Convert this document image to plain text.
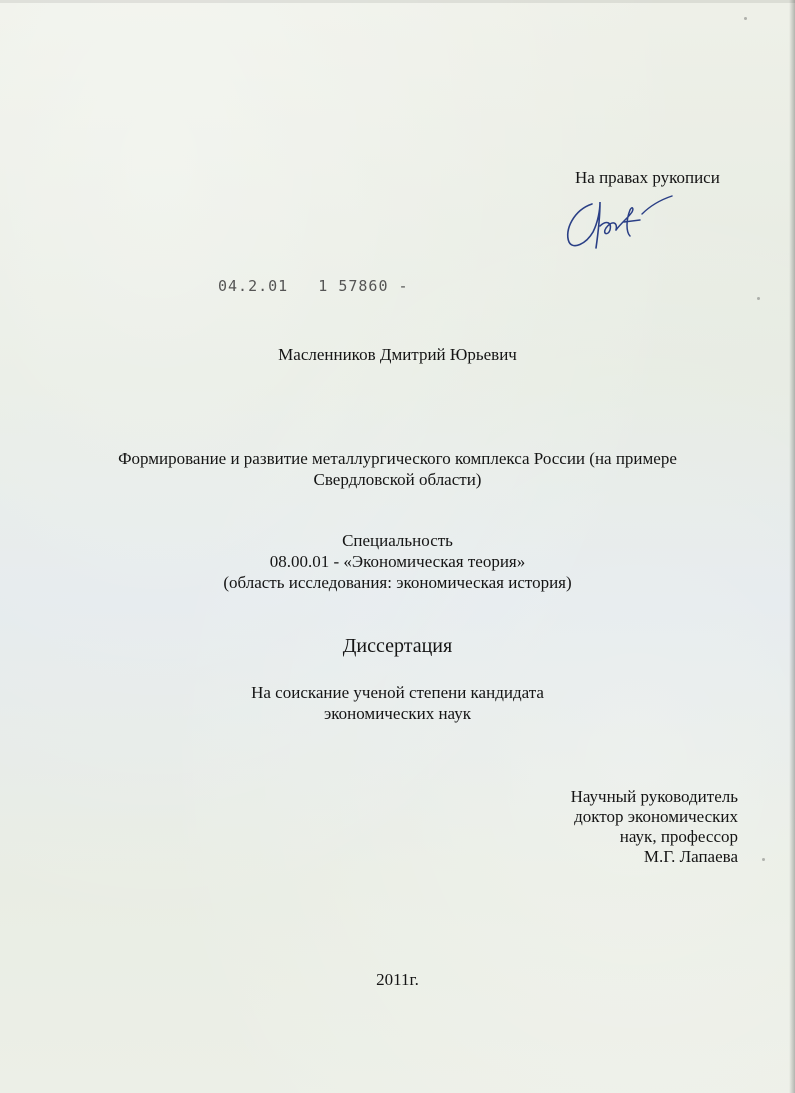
На правах рукописи
04.2.01 1 57860 -
Масленников Дмитрий Юрьевич
Формирование и развитие металлургического комплекса России (на примере
Свердловской области)
Специальность
08.00.01 - «Экономическая теория»
(область исследования: экономическая история)
Диссертация
На соискание ученой степени кандидата
экономических наук
Научный руководитель
доктор экономических
наук, профессор
М.Г. Лапаева
2011г.
